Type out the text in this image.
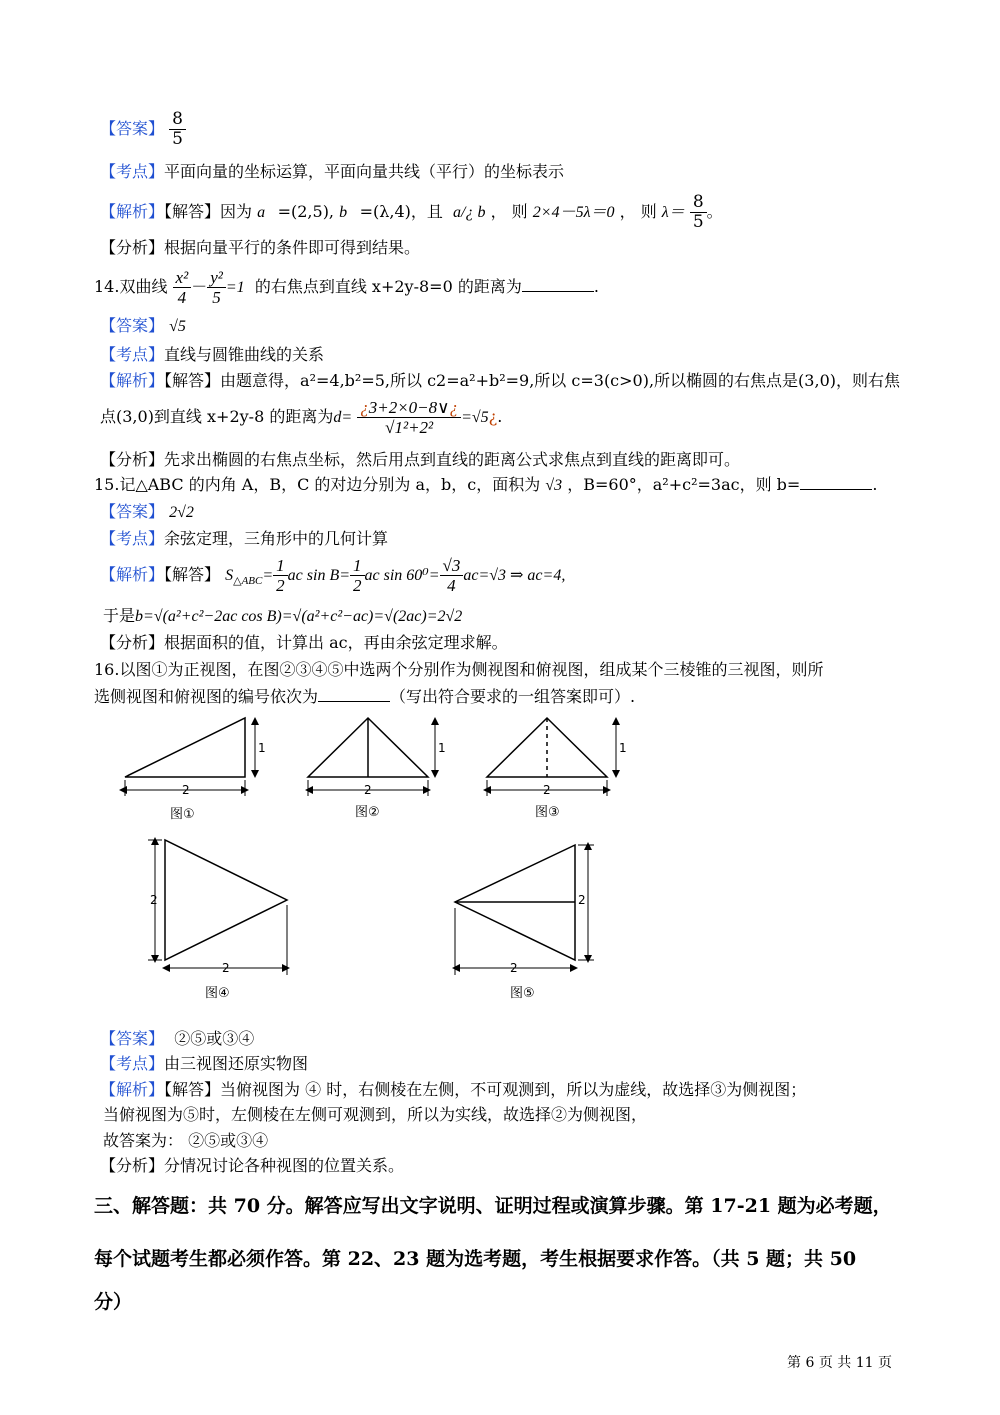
【答案】 $\frac{8}{5}$
【考点】平面向量的坐标运算，平面向量共线（平行）的坐标表示
【解析】【解答】因为 a⃗=(2,5), b⃗=(λ,4)，且 a/¿ b ， 则 2×4－5λ＝0 ， 则 $\lambda= \frac{8}{5}$ 。
【分析】根据向量平行的条件即可得到结果。
14.双曲线 $\frac{\text{x²}}{4} - \frac{\text{y²}}{5} =1$ 的右焦点到直线 x+2y-8=0 的距离为	.
【答案】 √5
【考点】直线与圆锥曲线的关系
【解析】【解答】由题意得，a²=4,b²=5,所以 c2=a²+b²=9,所以 c=3(c>0),所以椭圆的右焦点是(3,0)，则右焦
点(3,0)到直线 x+2y-8 的距离为$d= \frac{¿3+2\times 0-8\vee¿}{\text{√1²+2²}}$ =√5¿.
【分析】先求出椭圆的右焦点坐标，然后用点到直线的距离公式求焦点到直线的距离即可。
15.记△ABC 的内角 A，B，C 的对边分别为 a，b，c，面积为 √3 ，B=60°，a²+c²=3ac，则 b=	.
【答案】 2√2
【考点】余弦定理，三角形中的几何计算
【解析】【解答】 $S_{\triangle ABC}= \frac{1}{2}$ ac $\sin B= \frac{1}{2}$ ac $\sin 60^0= \frac{√3}{4} ac=√3$ ⇒ ac=4,
于是b=√(a²+c²−2ac cos B)=√(a²+c²−ac)=√(2ac)=2√2
【分析】根据面积的值，计算出 ac，再由余弦定理求解。
16.以图①为正视图，在图②③④⑤中选两个分别作为侧视图和俯视图，组成某个三棱锥的三视图，则所
选侧视图和俯视图的编号依次为	（写出符合要求的一组答案即可）.
1
2
图①
1
2
图②
1
2
图③
2
2
图④
2
2
图⑤
【答案】 ②⑤或③④
【考点】由三视图还原实物图
【解析】【解答】当俯视图为 ④ 时，右侧棱在左侧，不可观测到，所以为虚线，故选择③为侧视图；
当俯视图为⑤时，左侧棱在左侧可观测到，所以为实线，故选择②为侧视图，
故答案为： ②⑤或③④
【分析】分情况讨论各种视图的位置关系。
三、解答题：共 70 分。解答应写出文字说明、证明过程或演算步骤。第 17-21 题为必考题，
每个试题考生都必须作答。第 22、23 题为选考题，考生根据要求作答。（共 5 题；共 50
分）
第 6 页 共 11 页
